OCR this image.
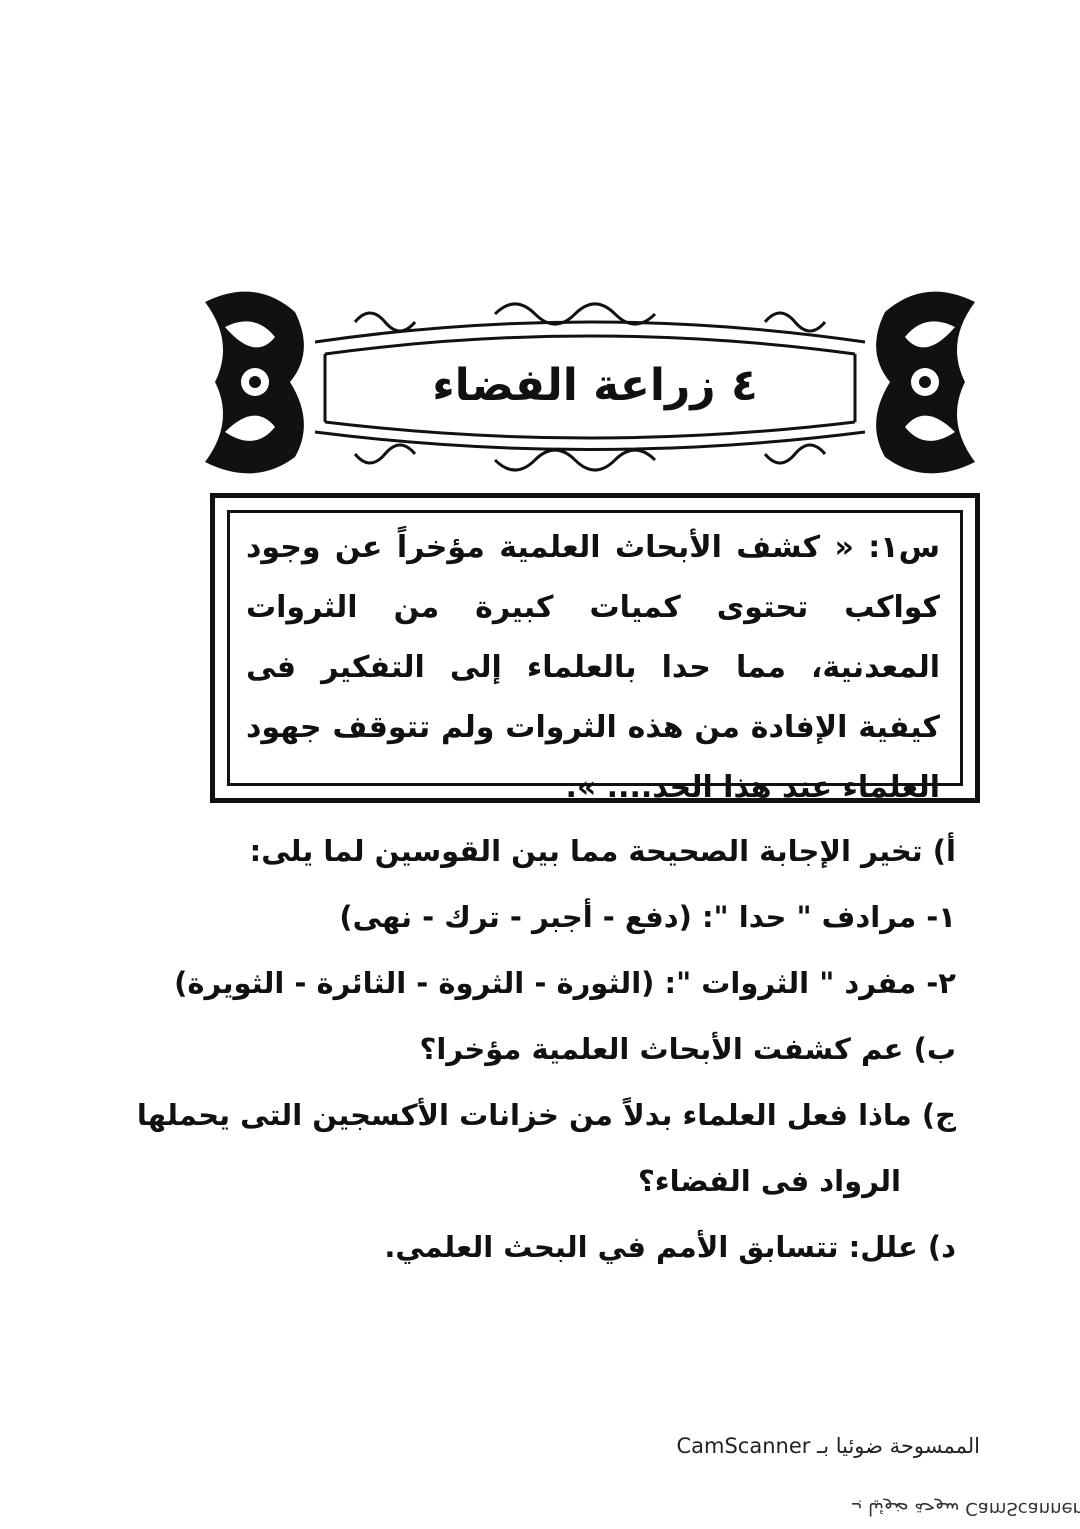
٤ زراعة الفضاء
س١: « كشف الأبحاث العلمية مؤخراً عن وجود كواكب تحتوى كميات كبيرة من الثروات المعدنية، مما حدا بالعلماء إلى التفكير فى كيفية الإفادة من هذه الثروات ولم تتوقف جهود العلماء عند هذا الحد.... ».
أ) تخير الإجابة الصحيحة مما بين القوسين لما يلى:
١- مرادف " حدا ": (دفع - أجبر - ترك - نهى)
٢- مفرد " الثروات ": (الثورة - الثروة - الثائرة - الثويرة)
ب) عم كشفت الأبحاث العلمية مؤخرا؟
ج) ماذا فعل العلماء بدلاً من خزانات الأكسجين التى يحملها
الرواد فى الفضاء؟
د) علل: تتسابق الأمم في البحث العلمي.
الممسوحة ضوئيا بـ CamScanner
سوحة ضوئيا بـ CamScanner
